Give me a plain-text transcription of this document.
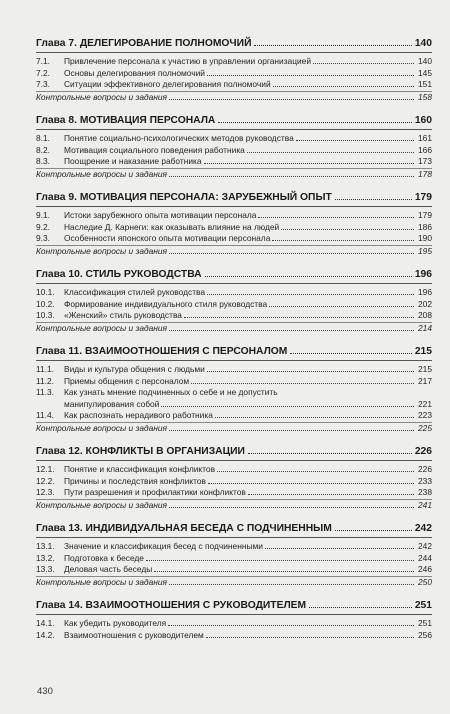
Глава 7. ДЕЛЕГИРОВАНИЕ ПОЛНОМОЧИЙ	140
7.1.	Привлечение персонала к участию в управлении организацией	140
7.2.	Основы делегирования полномочий	145
7.3.	Ситуации эффективного делегирования полномочий	151
Контрольные вопросы и задания	158
Глава 8. МОТИВАЦИЯ ПЕРСОНАЛА	160
8.1.	Понятие социально-психологических методов руководства	161
8.2.	Мотивация социального поведения работника	166
8.3.	Поощрение и наказание работника	173
Контрольные вопросы и задания	178
Глава 9. МОТИВАЦИЯ ПЕРСОНАЛА: ЗАРУБЕЖНЫЙ ОПЫТ	179
9.1.	Истоки зарубежного опыта мотивации персонала	179
9.2.	Наследие Д. Карнеги: как оказывать влияние на людей	186
9.3.	Особенности японского опыта мотивации персонала	190
Контрольные вопросы и задания	195
Глава 10. СТИЛЬ РУКОВОДСТВА	196
10.1.	Классификация стилей руководства	196
10.2.	Формирование индивидуального стиля руководства	202
10.3.	«Женский» стиль руководства	208
Контрольные вопросы и задания	214
Глава 11. ВЗАИМООТНОШЕНИЯ С ПЕРСОНАЛОМ	215
11.1.	Виды и культура общения с людьми	215
11.2.	Приемы общения с персоналом	217
11.3.	Как узнать мнение подчиненных о себе и не допустить
манипулирования собой	221
11.4.	Как распознать нерадивого работника	223
Контрольные вопросы и задания	225
Глава 12. КОНФЛИКТЫ В ОРГАНИЗАЦИИ	226
12.1.	Понятие и классификация конфликтов	226
12.2.	Причины и последствия конфликтов	233
12.3.	Пути разрешения и профилактики конфликтов	238
Контрольные вопросы и задания	241
Глава 13. ИНДИВИДУАЛЬНАЯ БЕСЕДА С ПОДЧИНЕННЫМ	242
13.1.	Значение и классификация бесед с подчиненными	242
13.2.	Подготовка к беседе	244
13.3.	Деловая часть беседы	246
Контрольные вопросы и задания	250
Глава 14. ВЗАИМООТНОШЕНИЯ С РУКОВОДИТЕЛЕМ	251
14.1.	Как убедить руководителя	251
14.2.	Взаимоотношения с руководителем	256
430
